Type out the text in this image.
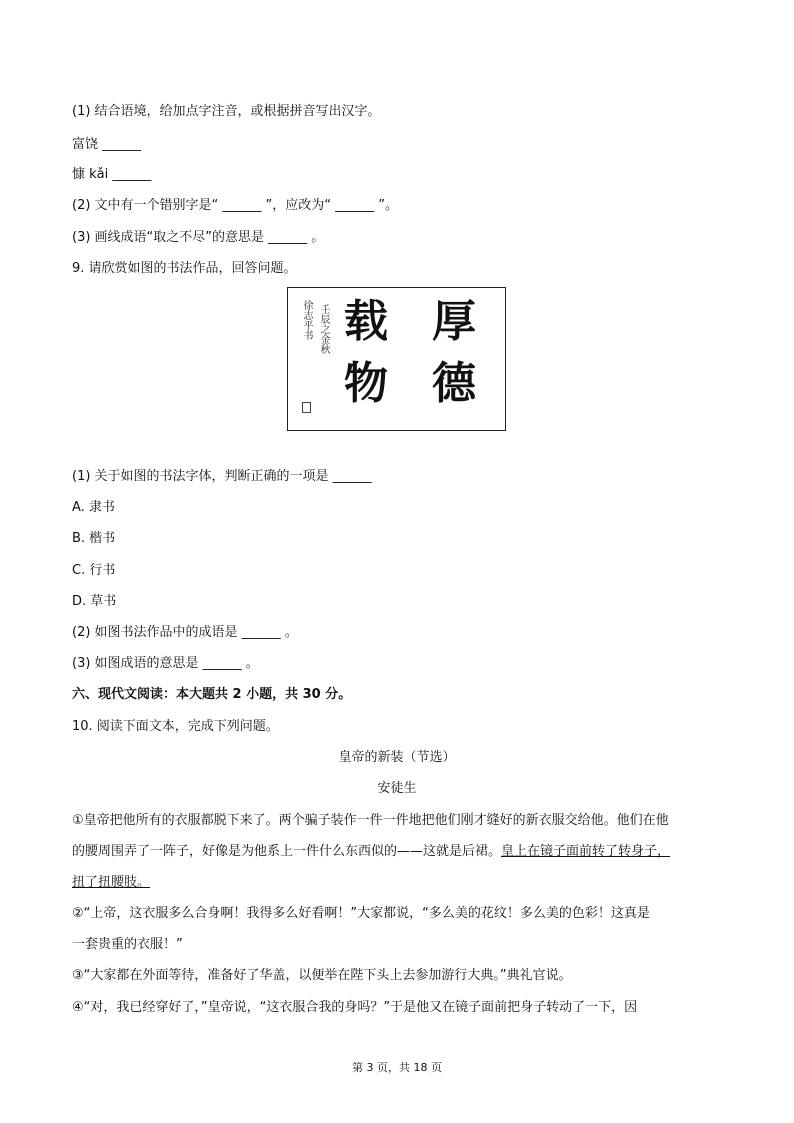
(1) 结合语境，给加点字注音，或根据拼音写出汉字。
富饶 ______
慷 kǎi ______
(2) 文中有一个错别字是“ ______ ”，应改为“ ______ ”。
(3) 画线成语“取之不尽”的意思是 ______ 。
9. 请欣赏如图的书法作品，回答问题。
厚
德
载
物
壬辰之金秋
徐志平书
(1) 关于如图的书法字体，判断正确的一项是 ______
A. 隶书
B. 楷书
C. 行书
D. 草书
(2) 如图书法作品中的成语是 ______ 。
(3) 如图成语的意思是 ______ 。
六、现代文阅读：本大题共 2 小题，共 30 分。
10. 阅读下面文本，完成下列问题。
皇帝的新装（节选）
安徒生
①皇帝把他所有的衣服都脱下来了。两个骗子装作一件一件地把他们刚才缝好的新衣服交给他。他们在他
的腰周围弄了一阵子，好像是为他系上一件什么东西似的——这就是后裙。皇上在镜子面前转了转身子，
扭了扭腰肢。
②“上帝，这衣服多么合身啊！我得多么好看啊！”大家都说，“多么美的花纹！多么美的色彩！这真是
一套贵重的衣服！”
③“大家都在外面等待，准备好了华盖，以便举在陛下头上去参加游行大典。”典礼官说。
④“对，我已经穿好了，”皇帝说，“这衣服合我的身吗？”于是他又在镜子面前把身子转动了一下，因
第 3 页，共 18 页
